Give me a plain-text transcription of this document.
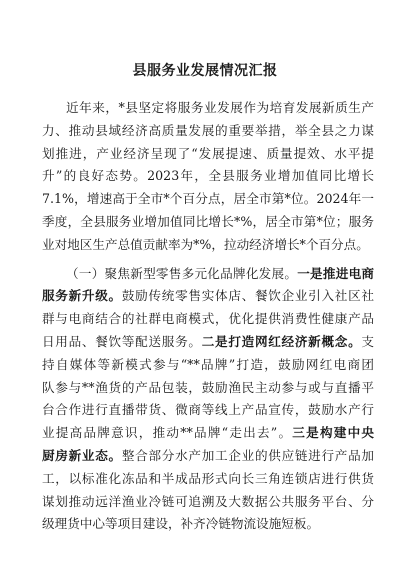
县服务业发展情况汇报
近年来，*县坚定将服务业发展作为培育发展新质生产
力、推动县域经济高质量发展的重要举措，举全县之力谋
划推进，产业经济呈现了“发展提速、质量提效、水平提
升”的良好态势。2023年，全县服务业增加值同比增长
7.1%，增速高于全市*个百分点，居全市第*位。2024年一
季度，全县服务业增加值同比增长*%，居全市第*位；服务
业对地区生产总值贡献率为*%，拉动经济增长*个百分点。
（一）聚焦新型零售多元化品牌化发展。一是推进电商
服务新升级。鼓励传统零售实体店、餐饮企业引入社区社
群与电商结合的社群电商模式，优化提供消费性健康产品
日用品、餐饮等配送服务。二是打造网红经济新概念。支
持自媒体等新模式参与“**品牌”打造，鼓励网红电商团
队参与**渔货的产品包装，鼓励渔民主动参与或与直播平
台合作进行直播带货、微商等线上产品宣传，鼓励水产行
业提高品牌意识，推动**品牌“走出去”。三是构建中央
厨房新业态。整合部分水产加工企业的供应链进行产品加
工，以标准化冻品和半成品形式向长三角连锁店进行供货
谋划推动远洋渔业冷链可追溯及大数据公共服务平台、分
级理货中心等项目建设，补齐冷链物流设施短板。
